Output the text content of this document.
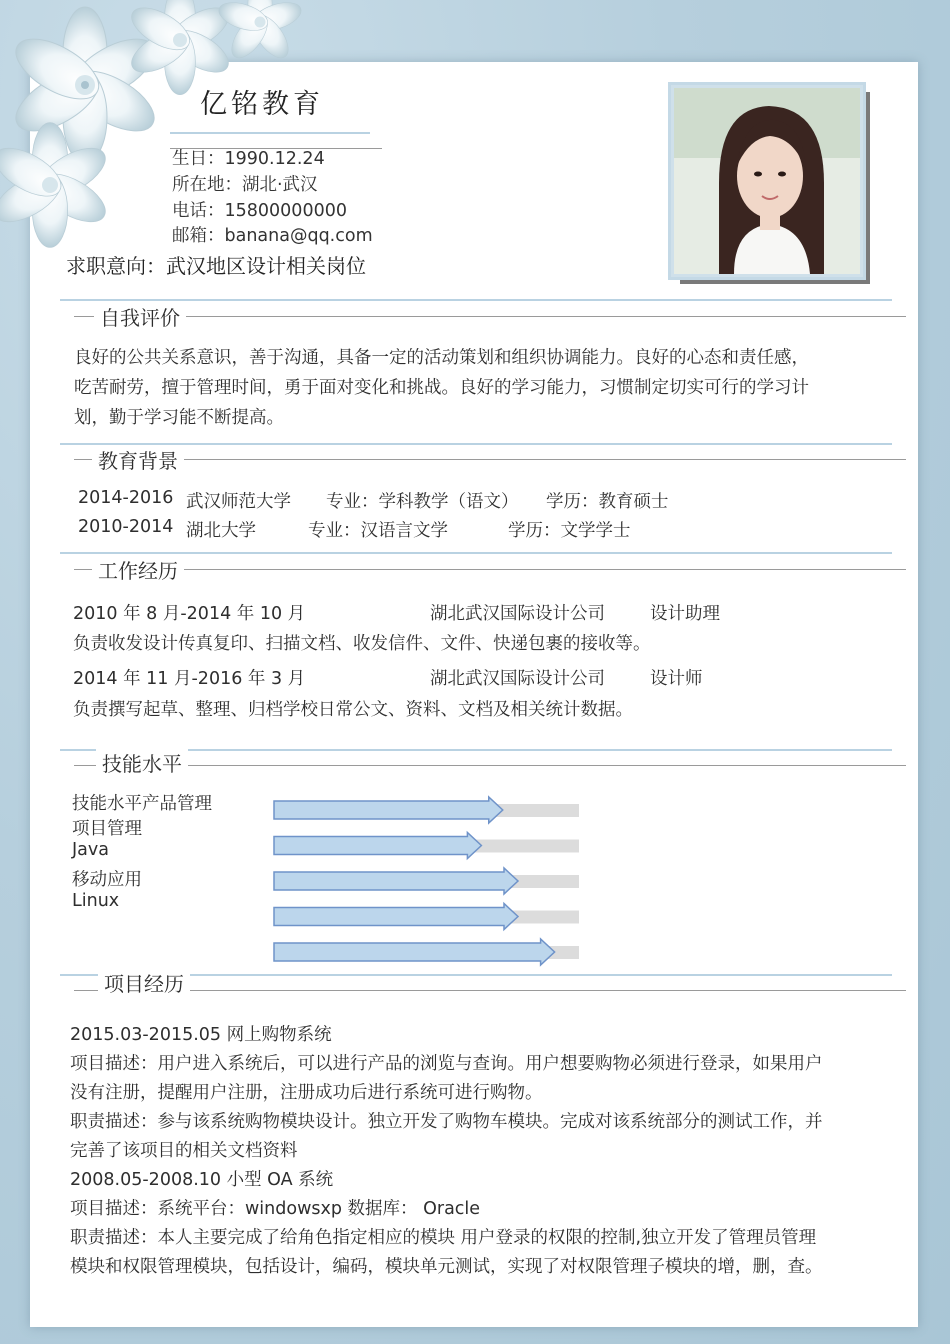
亿铭教育
生日：1990.12.24
所在地：湖北·武汉
电话：15800000000
邮箱：banana@qq.com
求职意向：武汉地区设计相关岗位
自我评价
良好的公共关系意识，善于沟通，具备一定的活动策划和组织协调能力。良好的心态和责任感，
吃苦耐劳，擅于管理时间，勇于面对变化和挑战。良好的学习能力，习惯制定切实可行的学习计
划，勤于学习能不断提高。
教育背景
2014-2016 武汉师范大学 专业：学科教学（语文） 学历：教育硕士
2010-2014 湖北大学	专业：汉语言文学	学历：文学学士
工作经历
2010 年 8 月-2014 年 10 月	湖北武汉国际设计公司	设计助理
负责收发设计传真复印、扫描文档、收发信件、文件、快递包裹的接收等。
2014 年 11 月-2016 年 3 月	湖北武汉国际设计公司	设计师
负责撰写起草、整理、归档学校日常公文、资料、文档及相关统计数据。
技能水平
技能水平产品管理
项目管理
Java
移动应用
Linux
项目经历
2015.03-2015.05 网上购物系统
项目描述：用户进入系统后，可以进行产品的浏览与查询。用户想要购物必须进行登录，如果用户
没有注册，提醒用户注册，注册成功后进行系统可进行购物。
职责描述：参与该系统购物模块设计。独立开发了购物车模块。完成对该系统部分的测试工作，并
完善了该项目的相关文档资料
2008.05-2008.10 小型 OA 系统
项目描述：系统平台：windowsxp 数据库： Oracle
职责描述：本人主要完成了给角色指定相应的模块 用户登录的权限的控制,独立开发了管理员管理
模块和权限管理模块，包括设计，编码，模块单元测试，实现了对权限管理子模块的增，删，查。
